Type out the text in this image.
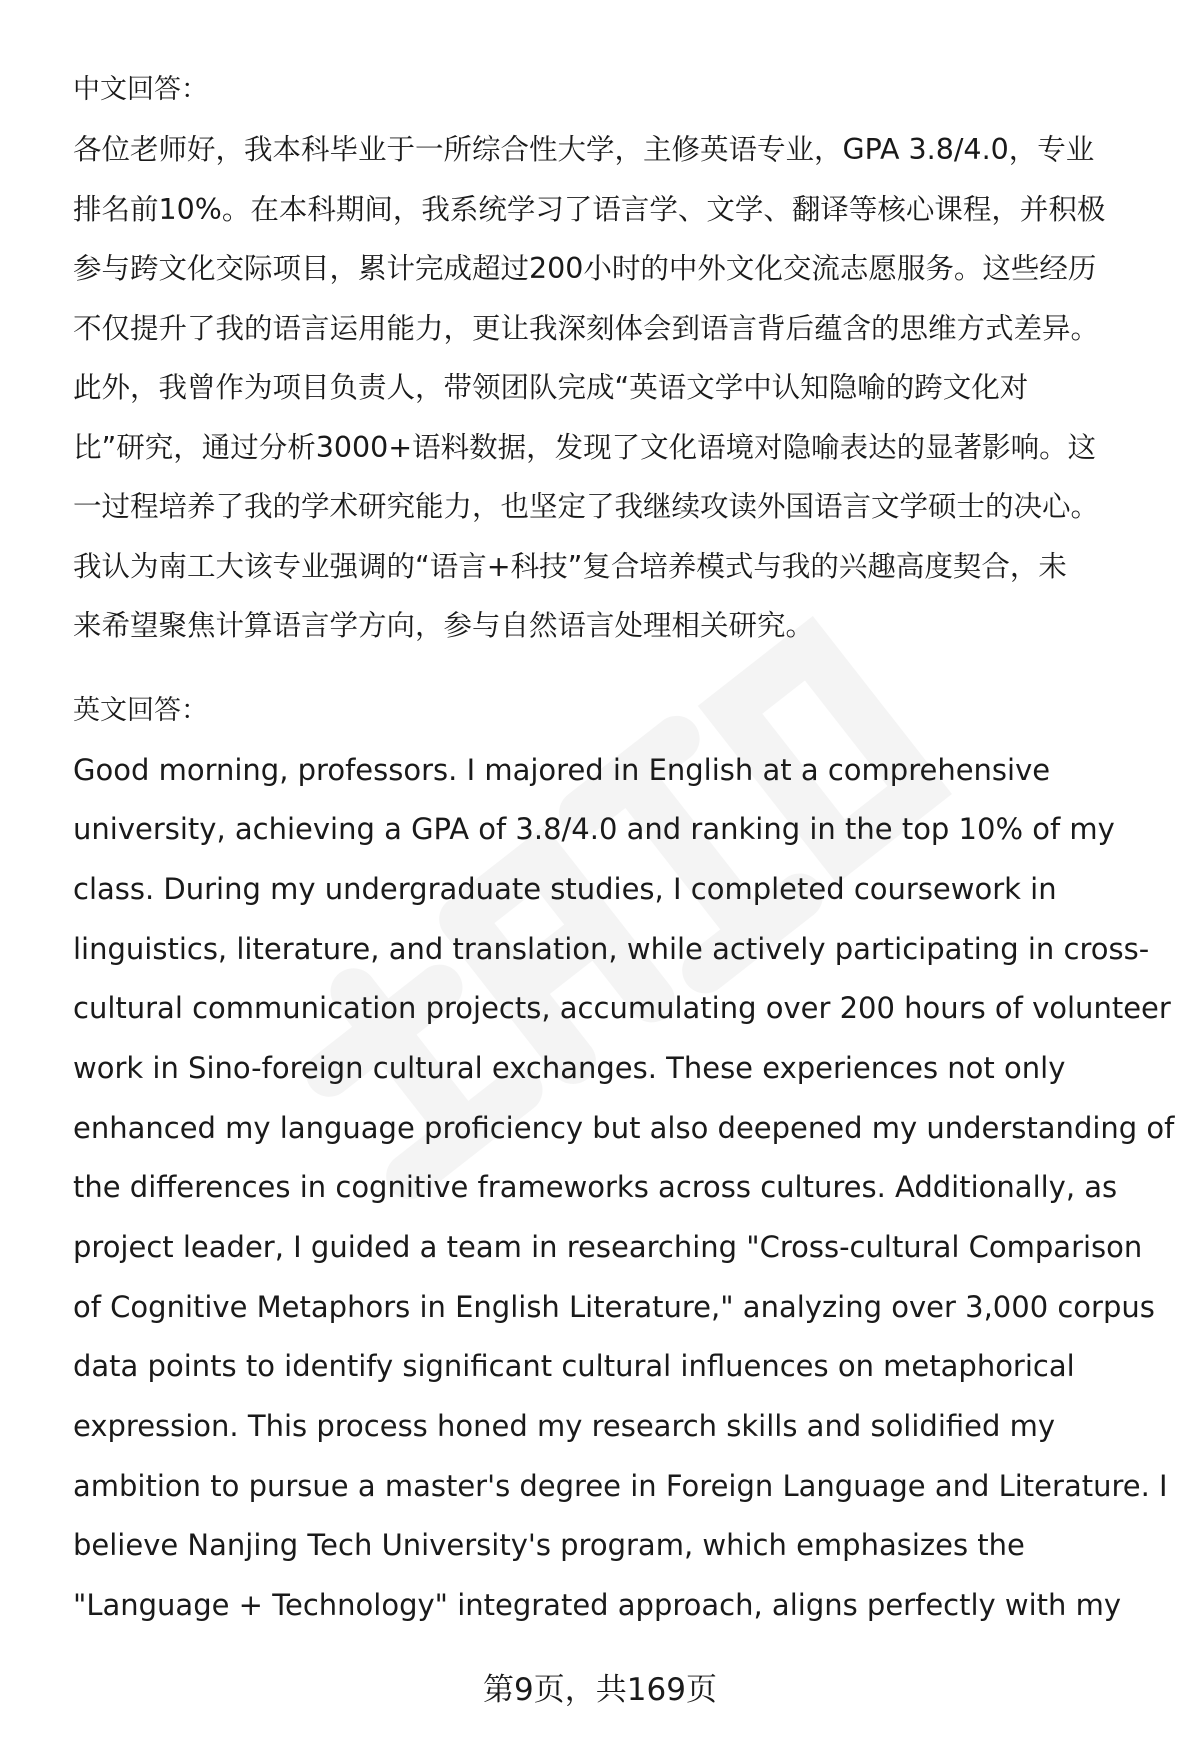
中文回答：
各位老师好，我本科毕业于一所综合性大学，主修英语专业，GPA 3.8/4.0，专业
排名前10%。在本科期间，我系统学习了语言学、文学、翻译等核心课程，并积极
参与跨文化交际项目，累计完成超过200小时的中外文化交流志愿服务。这些经历
不仅提升了我的语言运用能力，更让我深刻体会到语言背后蕴含的思维方式差异。
此外，我曾作为项目负责人，带领团队完成“英语文学中认知隐喻的跨文化对
比”研究，通过分析3000+语料数据，发现了文化语境对隐喻表达的显著影响。这
一过程培养了我的学术研究能力，也坚定了我继续攻读外国语言文学硕士的决心。
我认为南工大该专业强调的“语言+科技”复合培养模式与我的兴趣高度契合，未
来希望聚焦计算语言学方向，参与自然语言处理相关研究。
英文回答：
Good morning, professors. I majored in English at a comprehensive
university, achieving a GPA of 3.8/4.0 and ranking in the top 10% of my
class. During my undergraduate studies, I completed coursework in
linguistics, literature, and translation, while actively participating in cross-
cultural communication projects, accumulating over 200 hours of volunteer
work in Sino-foreign cultural exchanges. These experiences not only
enhanced my language proficiency but also deepened my understanding of
the differences in cognitive frameworks across cultures. Additionally, as
project leader, I guided a team in researching "Cross-cultural Comparison
of Cognitive Metaphors in English Literature," analyzing over 3,000 corpus
data points to identify significant cultural influences on metaphorical
expression. This process honed my research skills and solidified my
ambition to pursue a master's degree in Foreign Language and Literature. I
believe Nanjing Tech University's program, which emphasizes the
"Language + Technology" integrated approach, aligns perfectly with my
第9页，共169页
